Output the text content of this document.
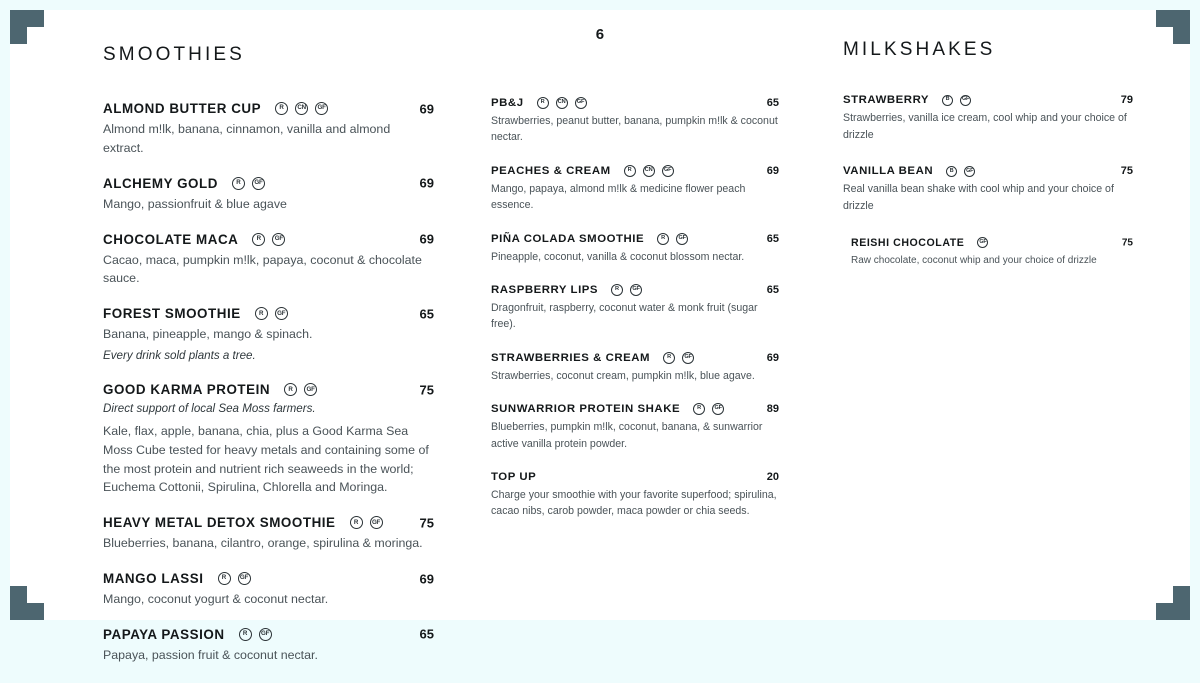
6
SMOOTHIES
ALMOND BUTTER CUP	R	CN	GF	69
Almond m!lk, banana, cinnamon, vanilla and almond extract.
ALCHEMY GOLD	R	GF	69
Mango, passionfruit & blue agave
CHOCOLATE MACA	R	GF	69
Cacao, maca, pumpkin m!lk, papaya, coconut & chocolate sauce.
FOREST SMOOTHIE	R	GF	65
Banana, pineapple, mango & spinach.
Every drink sold plants a tree.
GOOD KARMA PROTEIN	R	GF	75
Direct support of local Sea Moss farmers.
Kale, flax, apple, banana, chia, plus a Good Karma Sea Moss Cube tested for heavy metals and containing some of the most protein and nutrient rich seaweeds in the world; Euchema Cottonii, Spirulina, Chlorella and Moringa.
HEAVY METAL DETOX SMOOTHIE	R	GF	75
Blueberries, banana, cilantro, orange, spirulina & moringa.
MANGO LASSI	R	GF	69
Mango, coconut yogurt & coconut nectar.
PAPAYA PASSION	R	GF	65
Papaya, passion fruit & coconut nectar.
PB&J	R	CN	GF	65
Strawberries, peanut butter, banana, pumpkin m!lk & coconut nectar.
PEACHES & CREAM	R	CN	GF	69
Mango, papaya, almond m!lk & medicine flower peach essence.
PIÑA COLADA SMOOTHIE	R	GF	65
Pineapple, coconut, vanilla & coconut blossom nectar.
RASPBERRY LIPS	R	GF	65
Dragonfruit, raspberry, coconut water & monk fruit (sugar free).
STRAWBERRIES & CREAM	R	GF	69
Strawberries, coconut cream, pumpkin m!lk, blue agave.
SUNWARRIOR PROTEIN SHAKE	R	GF	89
Blueberries, pumpkin m!lk, coconut, banana, & sunwarrior active vanilla protein powder.
TOP UP	20
Charge your smoothie with your favorite superfood; spirulina, cacao nibs, carob powder, maca powder or chia seeds.
MILKSHAKES
STRAWBERRY	B	GF	79
Strawberries, vanilla ice cream, cool whip and your choice of drizzle
VANILLA BEAN	B	GF	75
Real vanilla bean shake with cool whip and your choice of drizzle
REISHI CHOCOLATE	GF	75
Raw chocolate, coconut whip and your choice of drizzle
